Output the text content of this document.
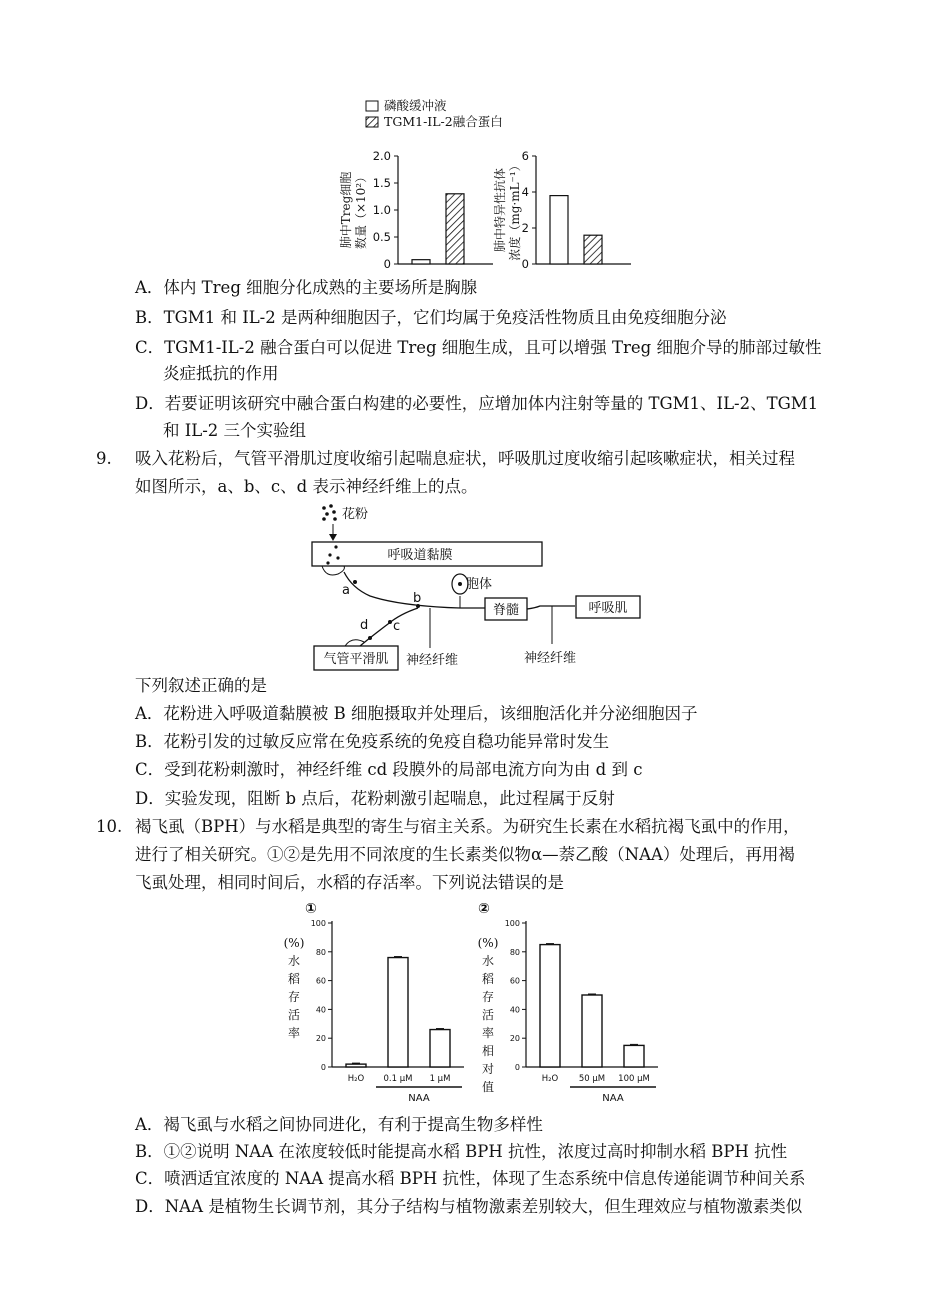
磷酸缓冲液
TGM1-IL-2融合蛋白
0
0.5
1.0
1.5
2.0
肺中Treg细胞 数量（×10²）
0
2
4
6
肺中特异性抗体 浓度（mg·mL⁻¹）
A．体内 Treg 细胞分化成熟的主要场所是胸腺
B．TGM1 和 IL-2 是两种细胞因子，它们均属于免疫活性物质且由免疫细胞分泌
C．TGM1-IL-2 融合蛋白可以促进 Treg 细胞生成，且可以增强 Treg 细胞介导的肺部过敏性
炎症抵抗的作用
D．若要证明该研究中融合蛋白构建的必要性，应增加体内注射等量的 TGM1、IL-2、TGM1
和 IL-2 三个实验组
9. 吸入花粉后，气管平滑肌过度收缩引起喘息症状，呼吸肌过度收缩引起咳嗽症状，相关过程
如图所示，a、b、c、d 表示神经纤维上的点。
花粉
呼吸道黏膜
a	胞体
b
脊髓	呼吸肌
c
d
气管平滑肌 神经纤维	神经纤维
下列叙述正确的是
A．花粉进入呼吸道黏膜被 B 细胞摄取并处理后，该细胞活化并分泌细胞因子
B．花粉引发的过敏反应常在免疫系统的免疫自稳功能异常时发生
C．受到花粉刺激时，神经纤维 cd 段膜外的局部电流方向为由 d 到 c
D．实验发现，阻断 b 点后，花粉刺激引起喘息，此过程属于反射
10. 褐飞虱（BPH）与水稻是典型的寄生与宿主关系。为研究生长素在水稻抗褐飞虱中的作用，
进行了相关研究。①②是先用不同浓度的生长素类似物α—萘乙酸（NAA）处理后，再用褐
飞虱处理，相同时间后，水稻的存活率。下列说法错误的是
①
(%)
水
稻
存
活
率
0
20
40
60
80
100
H₂O 0.1 μM 1 μM
NAA
②
(%)
水
稻
存
活
率
相
对
值
0
20
40
60
80
100
H₂O 50 μM 100 μM
NAA
A．褐飞虱与水稻之间协同进化，有利于提高生物多样性
B．①②说明 NAA 在浓度较低时能提高水稻 BPH 抗性，浓度过高时抑制水稻 BPH 抗性
C．喷洒适宜浓度的 NAA 提高水稻 BPH 抗性，体现了生态系统中信息传递能调节种间关系
D．NAA 是植物生长调节剂，其分子结构与植物激素差别较大，但生理效应与植物激素类似
